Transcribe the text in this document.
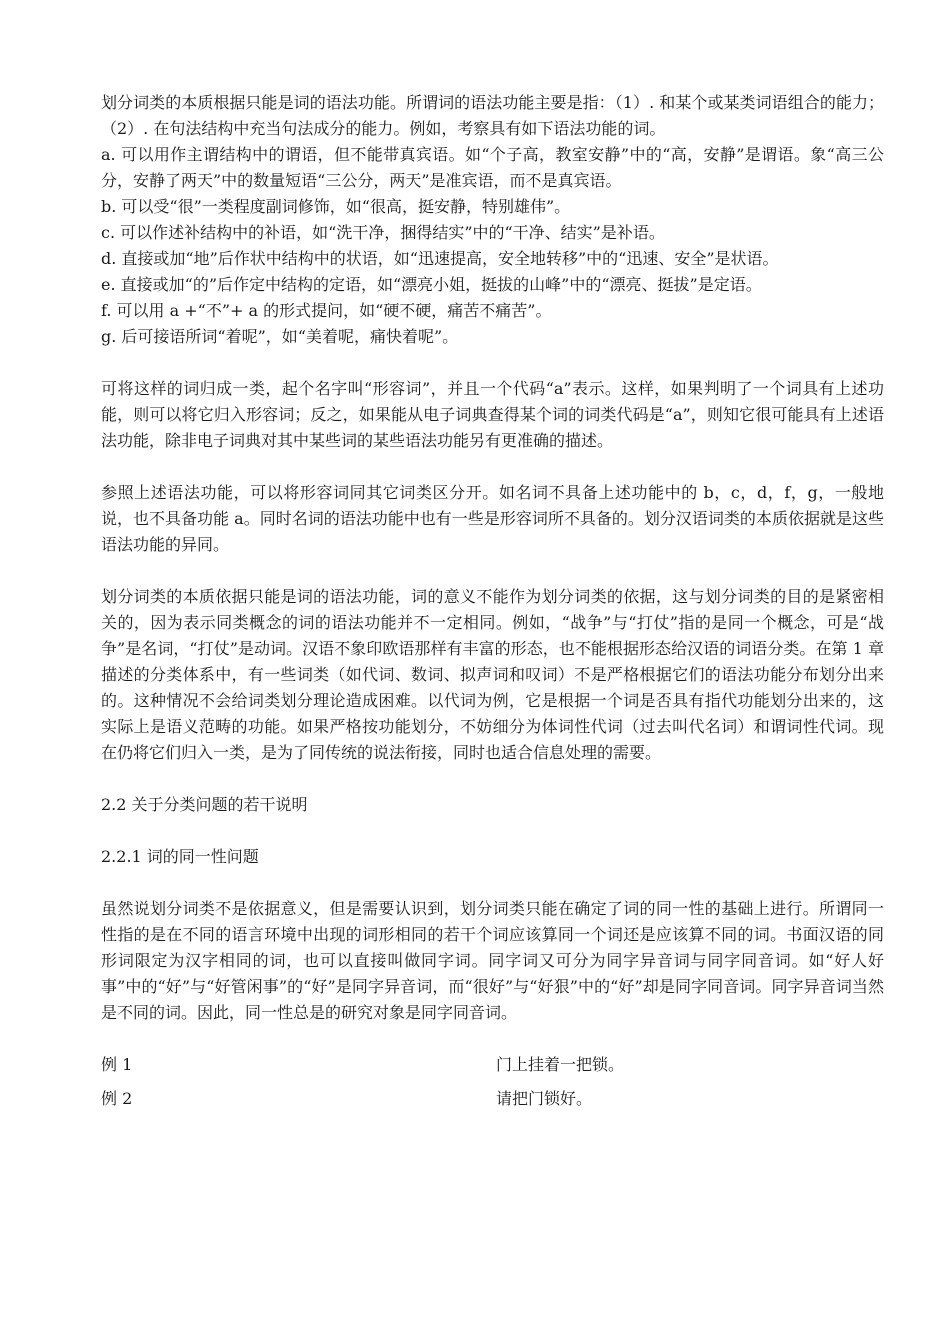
划分词类的本质根据只能是词的语法功能。所谓词的语法功能主要是指：（1）. 和某个或某类词语组合的能力；（2）. 在句法结构中充当句法成分的能力。例如，考察具有如下语法功能的词。

a. 可以用作主谓结构中的谓语，但不能带真宾语。如“个子高，教室安静”中的“高，安静”是谓语。象“高三公分，安静了两天”中的数量短语“三公分，两天”是准宾语，而不是真宾语。

b. 可以受“很”一类程度副词修饰，如“很高，挺安静，特别雄伟”。

c. 可以作述补结构中的补语，如“洗干净，捆得结实”中的“干净、结实”是补语。

d. 直接或加“地”后作状中结构中的状语，如“迅速提高，安全地转移”中的“迅速、安全”是状语。

e. 直接或加“的”后作定中结构的定语，如“漂亮小姐，挺拔的山峰”中的“漂亮、挺拔”是定语。

f. 可以用 a +“不”+ a 的形式提问，如“硬不硬，痛苦不痛苦”。

g. 后可接语所词“着呢”，如“美着呢，痛快着呢”。

可将这样的词归成一类，起个名字叫“形容词”，并且一个代码“a”表示。这样，如果判明了一个词具有上述功能，则可以将它归入形容词；反之，如果能从电子词典查得某个词的词类代码是“a”，则知它很可能具有上述语法功能，除非电子词典对其中某些词的某些语法功能另有更准确的描述。

参照上述语法功能，可以将形容词同其它词类区分开。如名词不具备上述功能中的 b，c，d，f，g，一般地说，也不具备功能 a。同时名词的语法功能中也有一些是形容词所不具备的。划分汉语词类的本质依据就是这些语法功能的异同。

划分词类的本质依据只能是词的语法功能，词的意义不能作为划分词类的依据，这与划分词类的目的是紧密相关的，因为表示同类概念的词的语法功能并不一定相同。例如，“战争”与“打仗”指的是同一个概念，可是“战争”是名词，“打仗”是动词。汉语不象印欧语那样有丰富的形态，也不能根据形态给汉语的词语分类。在第 1 章描述的分类体系中，有一些词类（如代词、数词、拟声词和叹词）不是严格根据它们的语法功能分布划分出来的。这种情况不会给词类划分理论造成困难。以代词为例，它是根据一个词是否具有指代功能划分出来的，这实际上是语义范畴的功能。如果严格按功能划分，不妨细分为体词性代词（过去叫代名词）和谓词性代词。现在仍将它们归入一类，是为了同传统的说法衔接，同时也适合信息处理的需要。

2.2 关于分类问题的若干说明

2.2.1 词的同一性问题

虽然说划分词类不是依据意义，但是需要认识到，划分词类只能在确定了词的同一性的基础上进行。所谓同一性指的是在不同的语言环境中出现的词形相同的若干个词应该算同一个词还是应该算不同的词。书面汉语的同形词限定为汉字相同的词，也可以直接叫做同字词。同字词又可分为同字异音词与同字同音词。如“好人好事”中的“好”与“好管闲事”的“好”是同字异音词，而“很好”与“好狠”中的“好”却是同字同音词。同字异音词当然是不同的词。因此，同一性总是的研究对象是同字同音词。

例 1	门上挂着一把锁。
例 2	请把门锁好。
